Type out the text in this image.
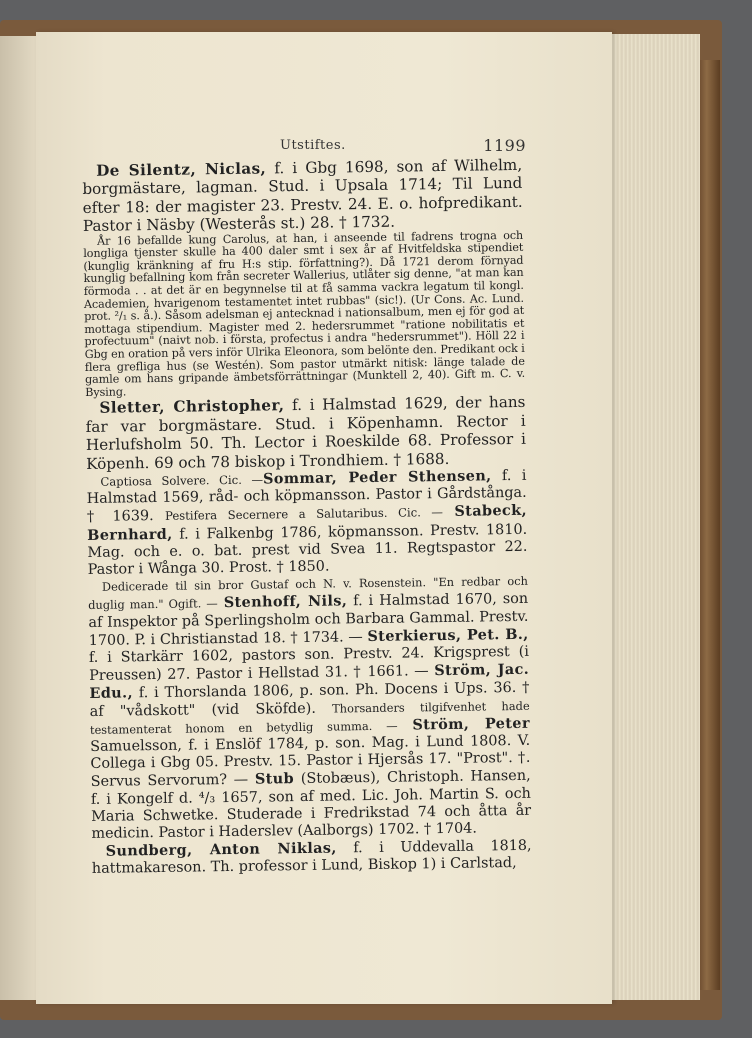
Utstiftes.	1199

De Silentz, Niclas, f. i Gbg 1698, son af Wilhelm, borgmästare, lagman. Stud. i Upsala 1714; Til Lund efter 18: der magister 23. Prestv. 24. E. o. hofpredikant. Pastor i Näsby (Westerås st.) 28. † 1732.

År 16 befallde kung Carolus, at han, i anseende til fadrens trogna och longliga tjenster skulle ha 400 daler smt i sex år af Hvitfeldska stipendiet (kunglig kränkning af fru H:s stip. författning?). Då 1721 derom förnyad kunglig befallning kom från secreter Wallerius, utlåter sig denne, "at man kan förmoda . . at det är en begynnelse til at få samma vackra legatum til kongl. Academien, hvarigenom testamentet intet rubbas" (sic!). (Ur Cons. Ac. Lund. prot. ²/₁ s. å.). Såsom adelsman ej antecknad i nationsalbum, men ej för god at mottaga stipendium. Magister med 2. hedersrummet "ratione nobilitatis et profectuum" (naivt nob. i första, profectus i andra "hedersrummet"). Höll 22 i Gbg en oration på vers inför Ulrika Eleonora, som belönte den. Predikant ock i flera grefliga hus (se Westén). Som pastor utmärkt nitisk: länge talade de gamle om hans gripande ämbetsförrättningar (Munktell 2, 40). Gift m. C. v. Bysing.

Sletter, Christopher, f. i Halmstad 1629, der hans far var borgmästare. Stud. i Köpenhamn. Rector i Herlufsholm 50. Th. Lector i Roeskilde 68. Professor i Köpenh. 69 och 78 biskop i Trondhiem. † 1688.

Captiosa Solvere. Cic. —Sommar, Peder Sthensen, f. i Halmstad 1569, råd- och köpmansson. Pastor i Gårdstånga. † 1639. Pestifera Secernere a Salutaribus. Cic. — Stabeck, Bernhard, f. i Falkenbg 1786, köpmansson. Prestv. 1810. Mag. och e. o. bat. prest vid Svea 11. Regtspastor 22. Pastor i Wånga 30. Prost. † 1850.

Dedicerade til sin bror Gustaf och N. v. Rosenstein. "En redbar och duglig man." Ogift. — Stenhoff, Nils, f. i Halmstad 1670, son af Inspektor på Sperlingsholm och Barbara Gammal. Prestv. 1700. P. i Christianstad 18. † 1734. — Sterkierus, Pet. B., f. i Starkärr 1602, pastors son. Prestv. 24. Krigsprest (i Preussen) 27. Pastor i Hellstad 31. † 1661. — Ström, Jac. Edu., f. i Thorslanda 1806, p. son. Ph. Docens i Ups. 36. † af "vådskott" (vid Sköfde). Thorsanders tilgifvenhet hade testamenterat honom en betydlig summa. — Ström, Peter Samuelsson, f. i Enslöf 1784, p. son. Mag. i Lund 1808. V. Collega i Gbg 05. Prestv. 15. Pastor i Hjersås 17. "Prost". †. Servus Servorum? — Stub (Stobæus), Christoph. Hansen, f. i Kongelf d. ⁴/₃ 1657, son af med. Lic. Joh. Martin S. och Maria Schwetke. Studerade i Fredrikstad 74 och åtta år medicin. Pastor i Haderslev (Aalborgs) 1702. † 1704.

Sundberg, Anton Niklas, f. i Uddevalla 1818, hattmakareson. Th. professor i Lund, Biskop 1) i Carlstad,
